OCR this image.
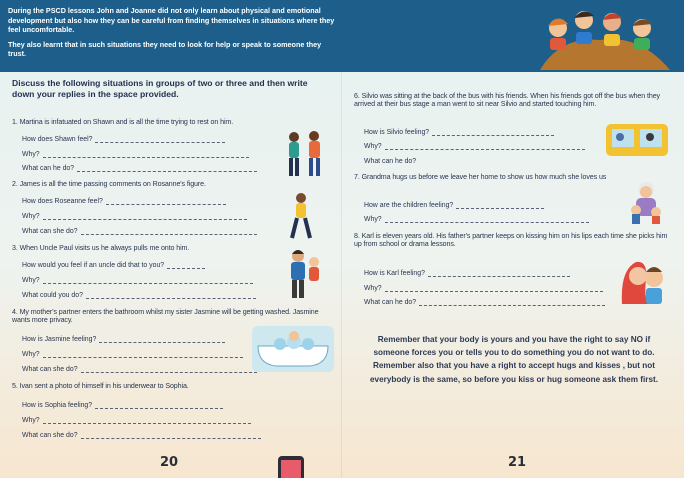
During the PSCD lessons John and Joanne did not only learn about physical and emotional development but also how they can be careful from finding themselves in situations where they feel uncomfortable.

They also learnt that in such situations they need to look for help or speak to someone they trust.

Discuss the following situations in groups of two or three and then write down your replies in the space provided.
1. Martina is infatuated on Shawn and is all the time trying to rest on him.
How does Shawn feel?
Why?
What can he do?
2. James is all the time passing comments on Rosanne's figure.
How does Roseanne feel?
Why?
What can she do?
3. When Uncle Paul visits us he always pulls me onto him.
How would you feel if an uncle did that to you?
Why?
What could you do?
4. My mother's partner enters the bathroom whilst my sister Jasmine will be getting washed. Jasmine wants more privacy.
How is Jasmine feeling?
Why?
What can she do?
5. Ivan sent a photo of himself in his underwear to Sophia.
How is Sophia feeling?
Why?
What can she do?
20
6. Silvio was sitting at the back of the bus with his friends. When his friends got off the bus when they arrived at their bus stage a man went to sit near Silvio and started touching him.
How is Silvio feeling?
Why?
What can he do?
7. Grandma hugs us before we leave her home to show us how much she loves us
How are the children feeling?
Why?
8. Karl is eleven years old. His father's partner keeps on kissing him on his lips each time she picks him up from school or drama lessons.
How is Karl feeling?
Why?
What can he do?
21

Remember that your body is yours and you have the right to say NO if someone forces you or tells you to do something you do not want to do.

Remember also that you have a right to accept hugs and kisses , but not everybody is the same, so before you kiss or hug someone ask them first.
